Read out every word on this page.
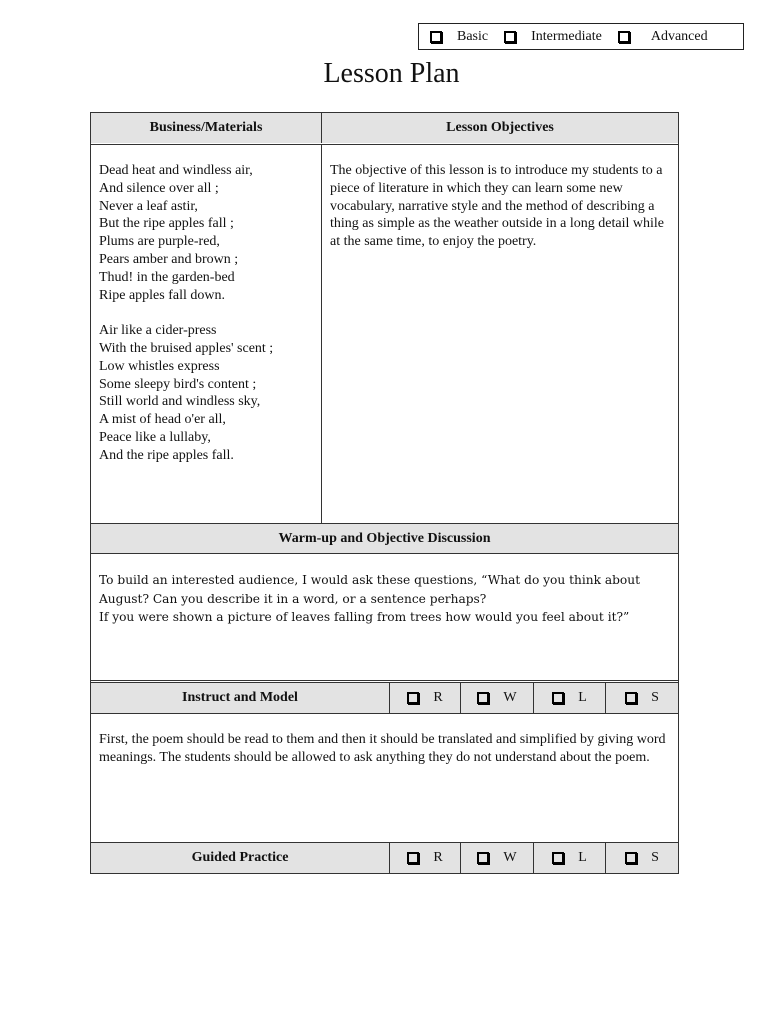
Basic	Intermediate	Advanced
Lesson Plan
Business/Materials	Lesson Objectives
Dead heat and windless air,
And silence over all ;
Never a leaf astir,
But the ripe apples fall ;
Plums are purple-red,
Pears amber and brown ;
Thud! in the garden-bed
Ripe apples fall down.
Air like a cider-press
With the bruised apples' scent ;
Low whistles express
Some sleepy bird's content ;
Still world and windless sky,
A mist of head o'er all,
Peace like a lullaby,
And the ripe apples fall.
The objective of this lesson is to introduce my students to a piece of literature in which they can learn some new vocabulary, narrative style and the method of describing a thing as simple as the weather outside in a long detail while at the same time, to enjoy the poetry.
Warm-up and Objective Discussion
To build an interested audience, I would ask these questions, “What do you think about
August? Can you describe it in a word, or a sentence perhaps?
If you were shown a picture of leaves falling from trees how would you feel about it?”
Instruct and Model	R	W	L	S
First, the poem should be read to them and then it should be translated and simplified by giving word meanings. The students should be allowed to ask anything they do not understand about the poem.
Guided Practice	R	W	L	S
